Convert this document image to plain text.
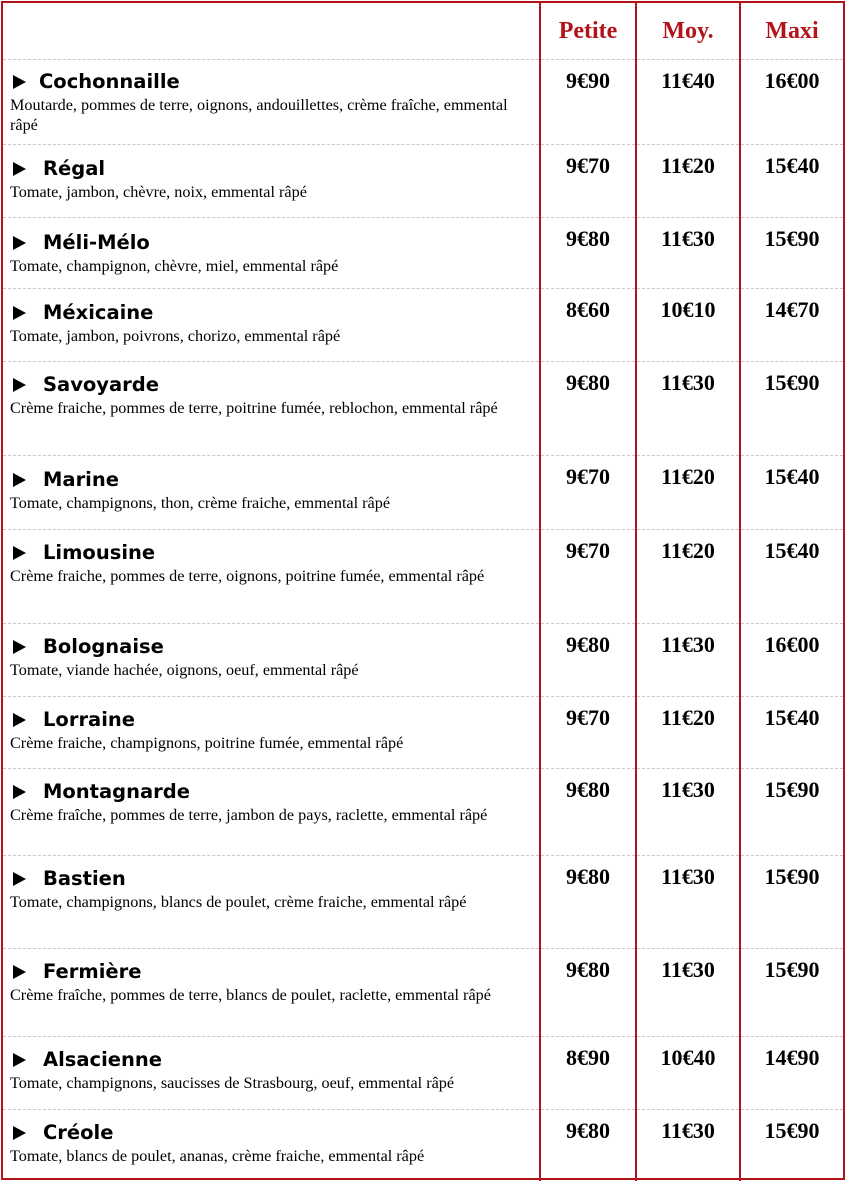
	Petite	Moy.	Maxi

Cochonnaille
Moutarde, pommes de terre, oignons, andouillettes, crème fraîche, emmental râpé	9€90	11€40	16€00

Régal
Tomate, jambon, chèvre, noix, emmental râpé	9€70	11€20	15€40

Méli-Mélo
Tomate, champignon, chèvre, miel, emmental râpé	9€80	11€30	15€90

Méxicaine
Tomate, jambon, poivrons, chorizo, emmental râpé	8€60	10€10	14€70

Savoyarde
Crème fraiche, pommes de terre, poitrine fumée, reblochon, emmental râpé	9€80	11€30	15€90

Marine
Tomate, champignons, thon, crème fraiche, emmental râpé	9€70	11€20	15€40

Limousine
Crème fraiche, pommes de terre, oignons, poitrine fumée, emmental râpé	9€70	11€20	15€40

Bolognaise
Tomate, viande hachée, oignons, oeuf, emmental râpé	9€80	11€30	16€00

Lorraine
Crème fraiche, champignons, poitrine fumée, emmental râpé	9€70	11€20	15€40

Montagnarde
Crème fraîche, pommes de terre, jambon de pays, raclette, emmental râpé	9€80	11€30	15€90

Bastien
Tomate, champignons, blancs de poulet, crème fraiche, emmental râpé	9€80	11€30	15€90

Fermière
Crème fraîche, pommes de terre, blancs de poulet, raclette, emmental râpé	9€80	11€30	15€90

Alsacienne
Tomate, champignons, saucisses de Strasbourg, oeuf, emmental râpé	8€90	10€40	14€90

Créole
Tomate, blancs de poulet, ananas, crème fraiche, emmental râpé	9€80	11€30	15€90
